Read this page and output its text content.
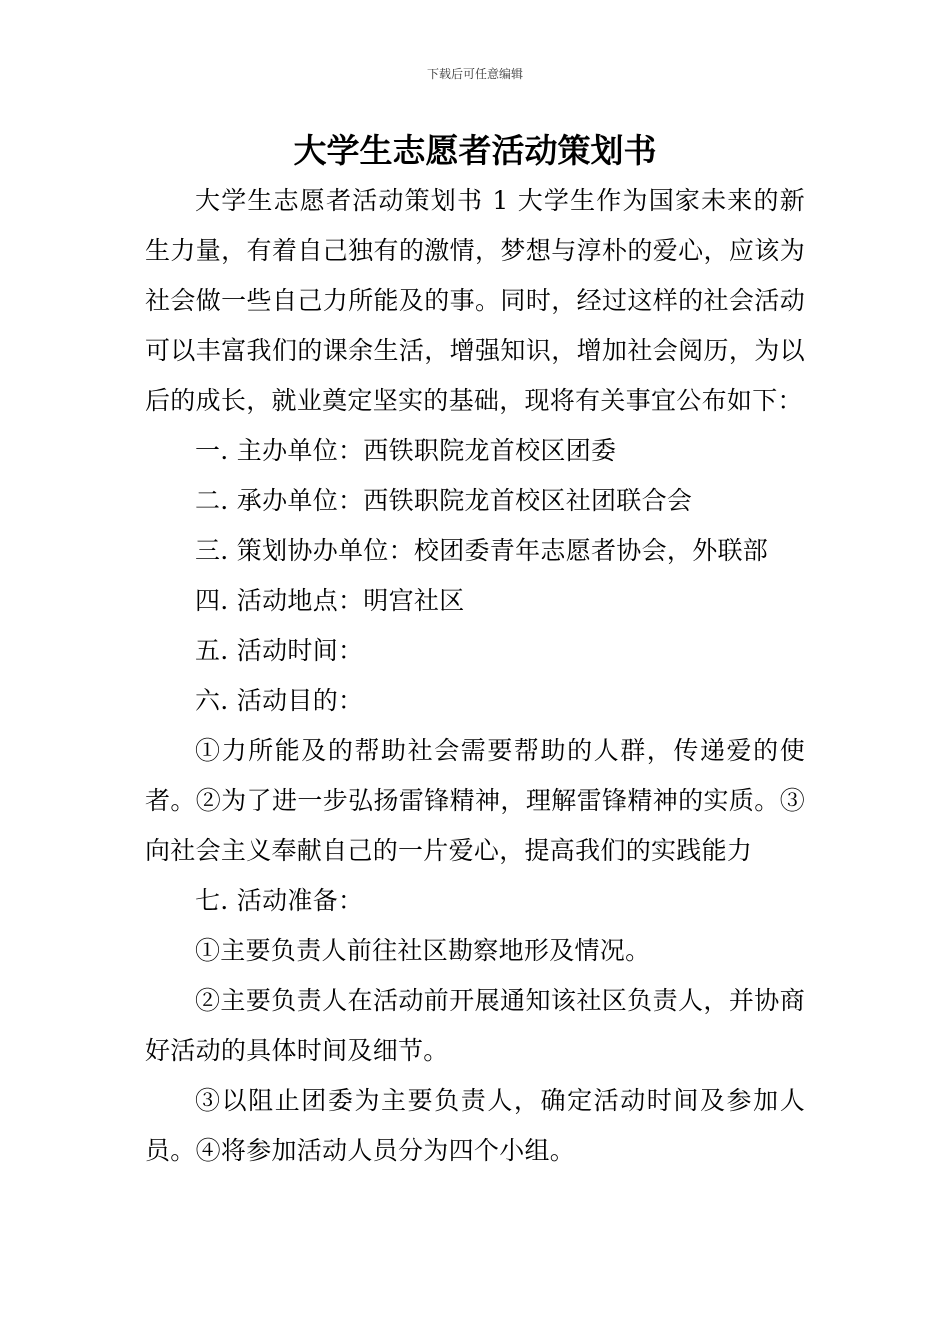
下载后可任意编辑
大学生志愿者活动策划书

大学生志愿者活动策划书 1 大学生作为国家未来的新生力量，有着自己独有的激情，梦想与淳朴的爱心，应该为社会做一些自己力所能及的事。同时，经过这样的社会活动可以丰富我们的课余生活，增强知识，增加社会阅历，为以后的成长，就业奠定坚实的基础，现将有关事宜公布如下：

一. 主办单位：西铁职院龙首校区团委

二. 承办单位：西铁职院龙首校区社团联合会

三. 策划协办单位：校团委青年志愿者协会，外联部

四. 活动地点：明宫社区

五. 活动时间：

六. 活动目的：

①力所能及的帮助社会需要帮助的人群，传递爱的使者。②为了进一步弘扬雷锋精神，理解雷锋精神的实质。③向社会主义奉献自己的一片爱心，提高我们的实践能力

七. 活动准备：

①主要负责人前往社区勘察地形及情况。

②主要负责人在活动前开展通知该社区负责人，并协商好活动的具体时间及细节。

③以阻止团委为主要负责人，确定活动时间及参加人员。④将参加活动人员分为四个小组。
